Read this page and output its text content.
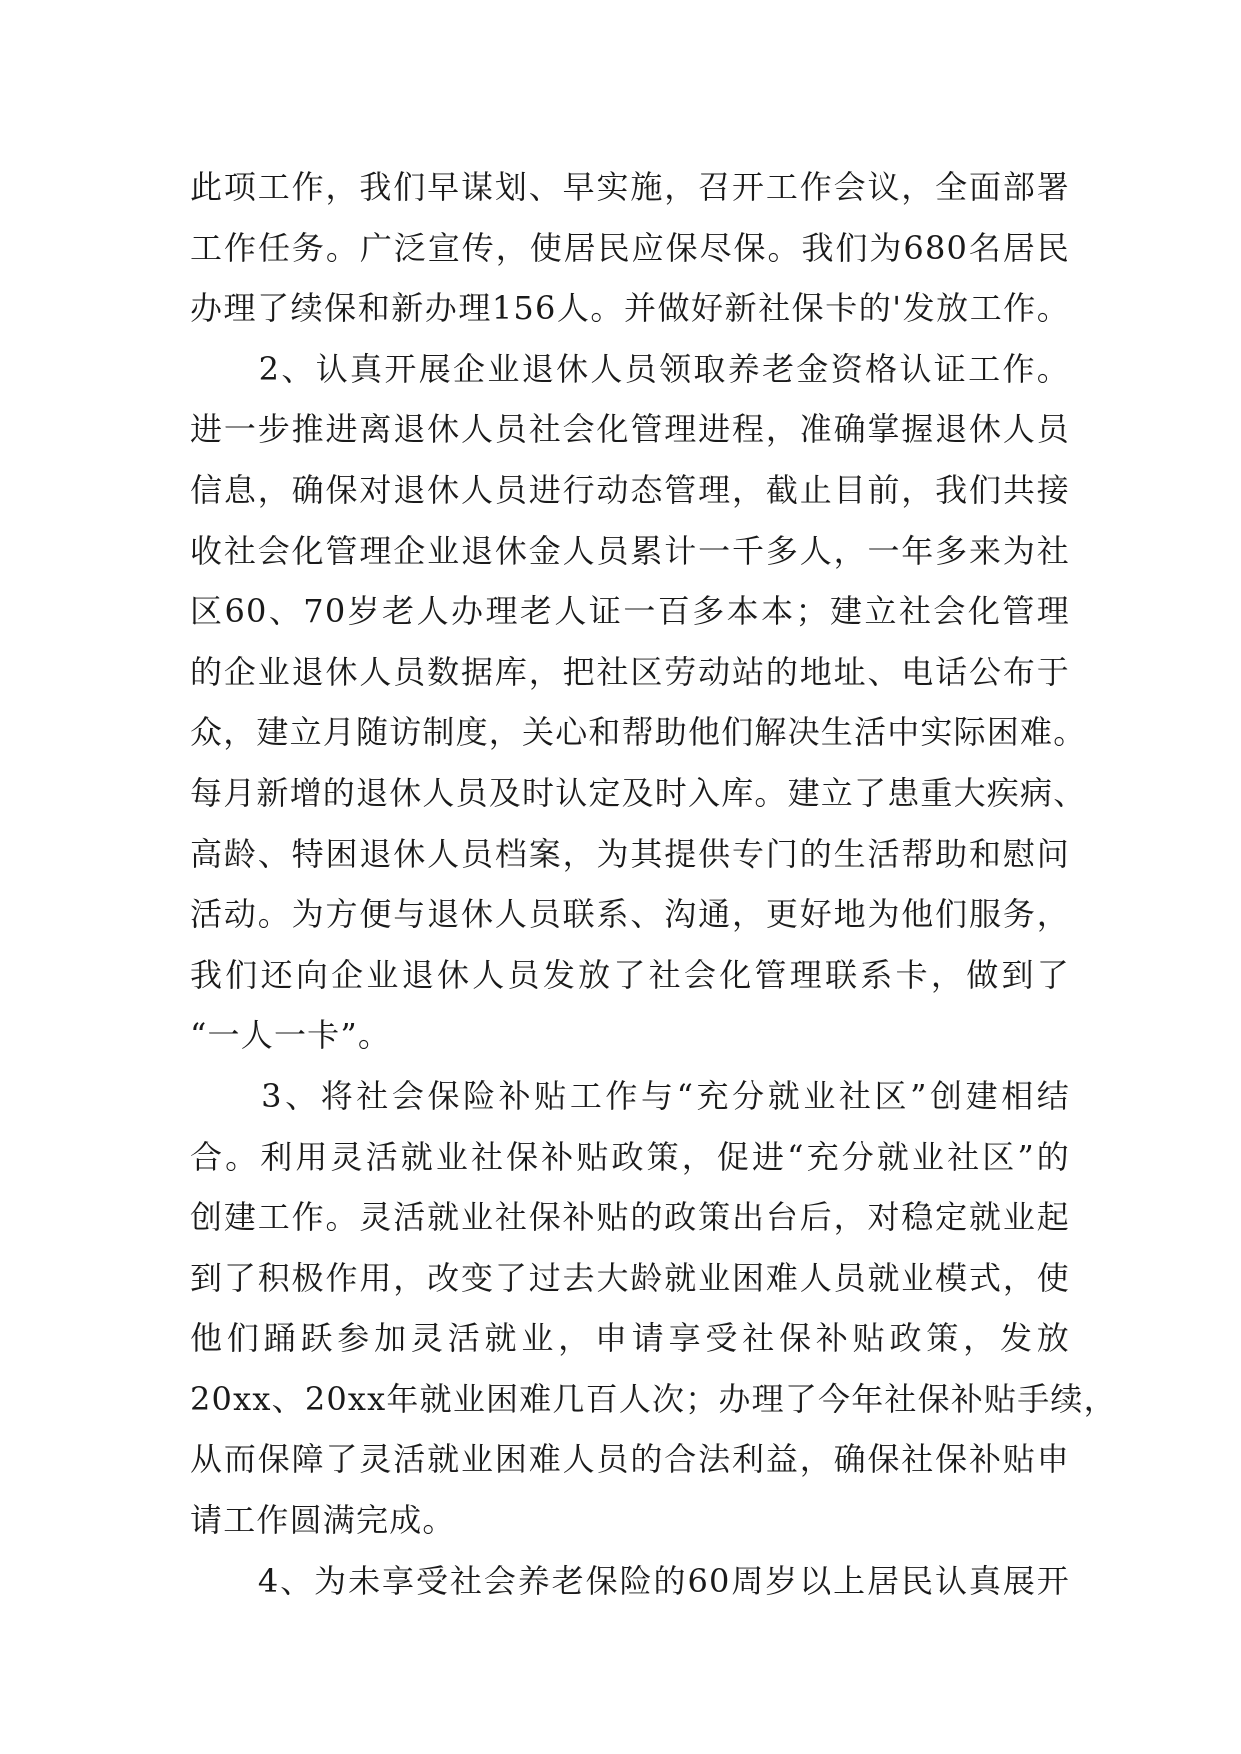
此项工作，我们早谋划、早实施，召开工作会议，全面部署
工作任务。广泛宣传，使居民应保尽保。我们为680名居民
办理了续保和新办理156人。并做好新社保卡的'发放工作。
　　2、认真开展企业退休人员领取养老金资格认证工作。
进一步推进离退休人员社会化管理进程，准确掌握退休人员
信息，确保对退休人员进行动态管理，截止目前，我们共接
收社会化管理企业退休金人员累计一千多人，一年多来为社
区60、70岁老人办理老人证一百多本本；建立社会化管理
的企业退休人员数据库，把社区劳动站的地址、电话公布于
众，建立月随访制度，关心和帮助他们解决生活中实际困难。
每月新增的退休人员及时认定及时入库。建立了患重大疾病、
高龄、特困退休人员档案，为其提供专门的生活帮助和慰问
活动。为方便与退休人员联系、沟通，更好地为他们服务，
我们还向企业退休人员发放了社会化管理联系卡，做到了
“一人一卡”。
　　3、将社会保险补贴工作与“充分就业社区”创建相结
合。利用灵活就业社保补贴政策，促进“充分就业社区”的
创建工作。灵活就业社保补贴的政策出台后，对稳定就业起
到了积极作用，改变了过去大龄就业困难人员就业模式，使
他们踊跃参加灵活就业，申请享受社保补贴政策，发放
20xx、20xx年就业困难几百人次；办理了今年社保补贴手续，
从而保障了灵活就业困难人员的合法利益，确保社保补贴申
请工作圆满完成。
　　4、为未享受社会养老保险的60周岁以上居民认真展开
